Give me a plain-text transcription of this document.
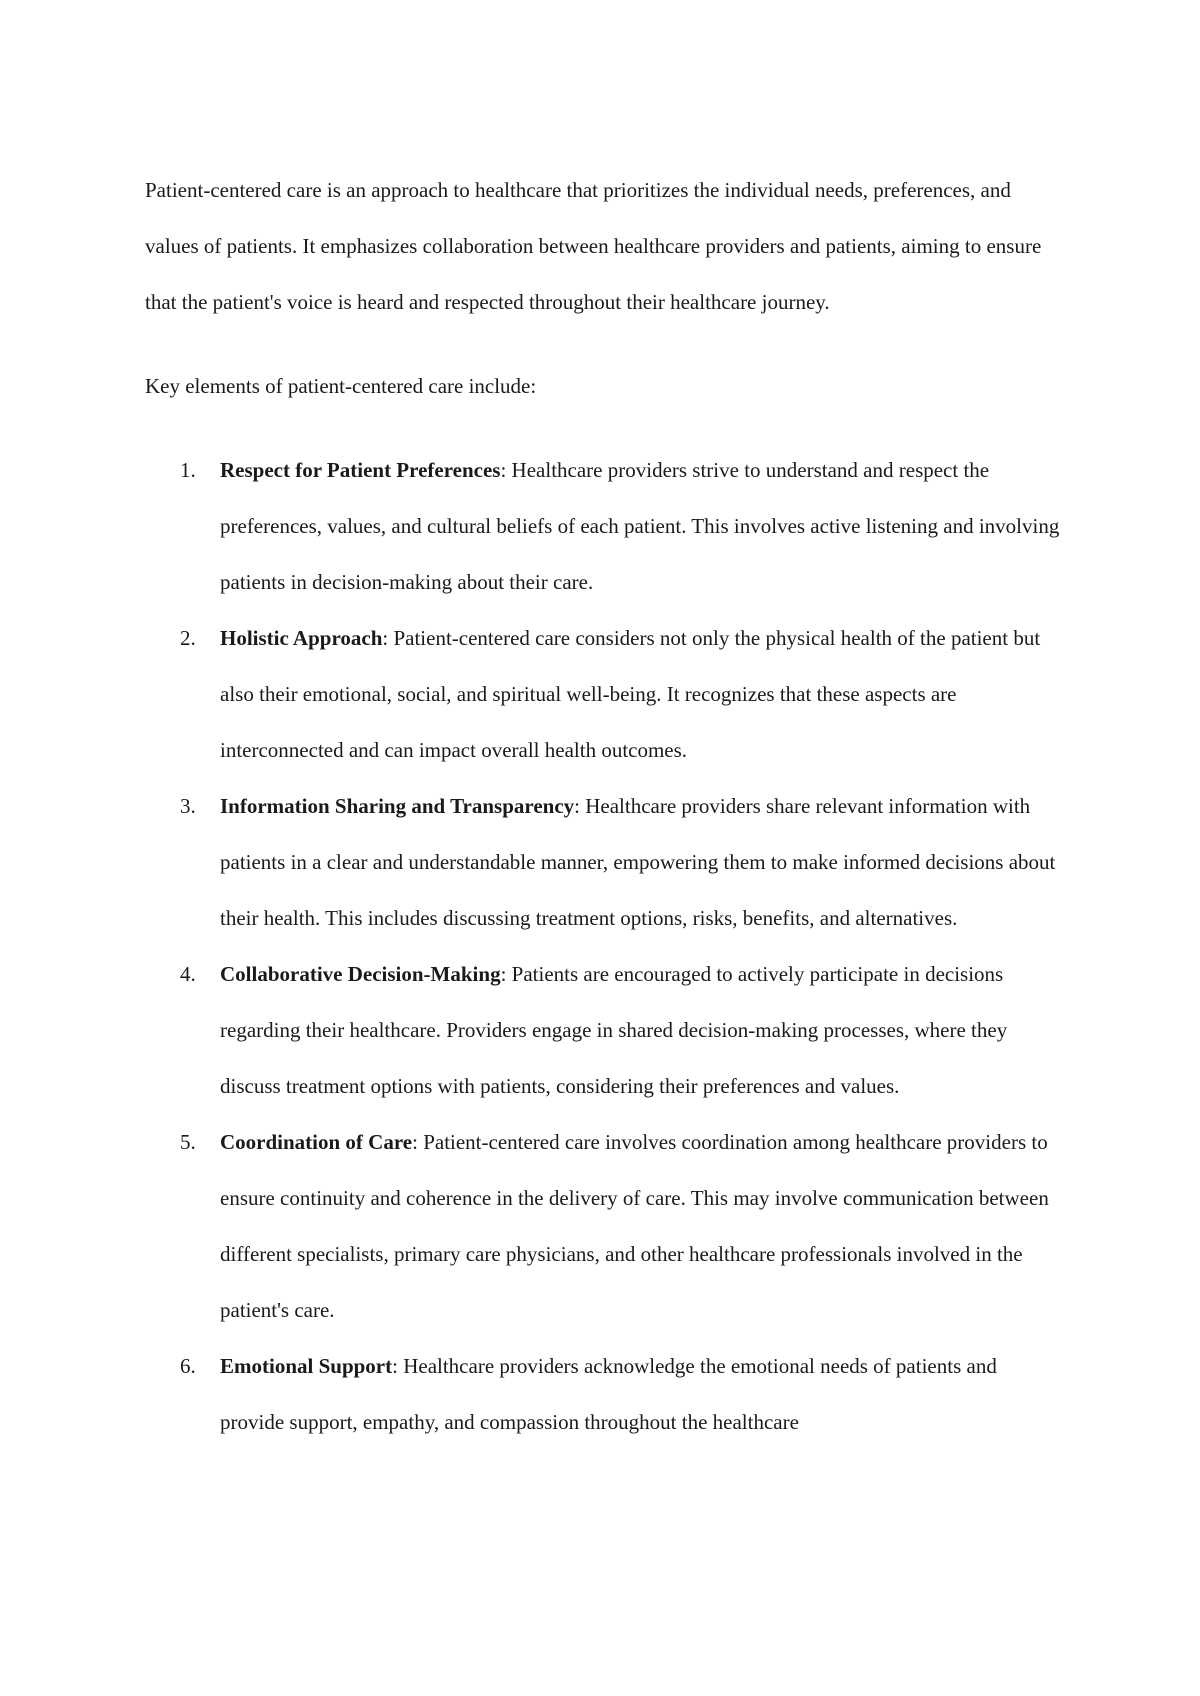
Patient-centered care is an approach to healthcare that prioritizes the individual needs, preferences, and values of patients. It emphasizes collaboration between healthcare providers and patients, aiming to ensure that the patient's voice is heard and respected throughout their healthcare journey.

Key elements of patient-centered care include:

1. Respect for Patient Preferences: Healthcare providers strive to understand and respect the preferences, values, and cultural beliefs of each patient. This involves active listening and involving patients in decision-making about their care.
2. Holistic Approach: Patient-centered care considers not only the physical health of the patient but also their emotional, social, and spiritual well-being. It recognizes that these aspects are interconnected and can impact overall health outcomes.
3. Information Sharing and Transparency: Healthcare providers share relevant information with patients in a clear and understandable manner, empowering them to make informed decisions about their health. This includes discussing treatment options, risks, benefits, and alternatives.
4. Collaborative Decision-Making: Patients are encouraged to actively participate in decisions regarding their healthcare. Providers engage in shared decision-making processes, where they discuss treatment options with patients, considering their preferences and values.
5. Coordination of Care: Patient-centered care involves coordination among healthcare providers to ensure continuity and coherence in the delivery of care. This may involve communication between different specialists, primary care physicians, and other healthcare professionals involved in the patient's care.
6. Emotional Support: Healthcare providers acknowledge the emotional needs of patients and provide support, empathy, and compassion throughout the healthcare
